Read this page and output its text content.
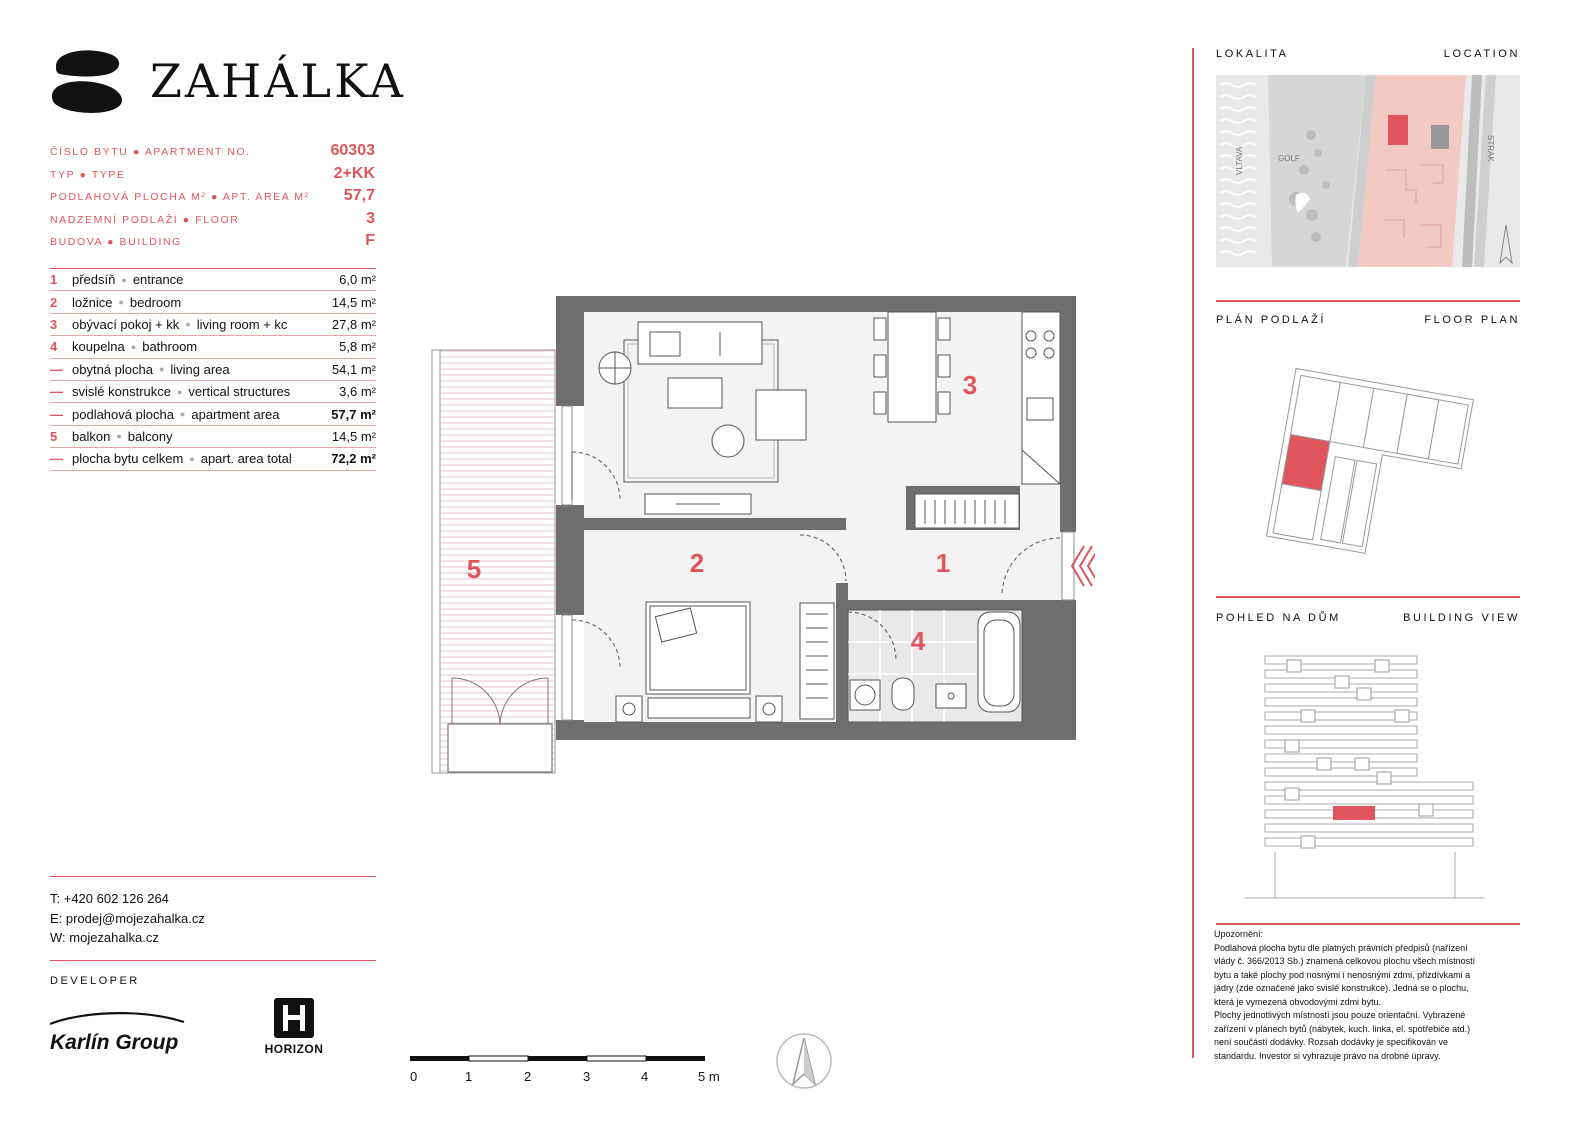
ZAHÁLKA
ČÍSLO BYTU ● APARTMENT NO.	60303
TYP ● TYPE	2+KK
PODLAHOVÁ PLOCHA M² ● APT. AREA M² 57,7
NADZEMNÍ PODLAŽÍ ● FLOOR	3
BUDOVA ● BUILDING	F
1	předsíň ● entrance	6,0 m²
2	ložnice ● bedroom	14,5 m²
3	obývací pokoj + kk ● living room + kc	27,8 m²
4	koupelna ● bathroom	5,8 m²
— obytná plocha ● living area	54,1 m²
— svislé konstrukce ● vertical structures	3,6 m²
— podlahová plocha ● apartment area	57,7 m²
5	balkon ● balcony	14,5 m²
— plocha bytu celkem ● apart. area total	72,2 m²
T: +420 602 126 264
E: prodej@mojezahalka.cz
W: mojezahalka.cz
DEVELOPER
Karlín Group	HORIZON
1
2
3
4
5
0	1	2	3	4	5 m
LOKALITA	LOCATION
VLTAVA	GOLF	STRAK
PLÁN PODLAŽÍ	FLOOR PLAN
POHLED NA DŮM	BUILDING VIEW
Upozornění:
Podlahová plocha bytu dle platných právních předpisů (nařízení
vlády č. 366/2013 Sb.) znamená celkovou plochu všech místností
bytu a také plochy pod nosnými i nenosnými zdmi, přizdívkami a
jádry (zde označené jako svislé konstrukce). Jedná se o plochu,
která je vymezená obvodovými zdmi bytu.
Plochy jednotlivých místností jsou pouze orientační. Vybrazené
zařízení v plánech bytů (nábytek, kuch. linka, el. spotřebiče atd.)
není součástí dodávky. Rozsah dodávky je specifikován ve
standardu. Investor si vyhrazuje právo na drobné úpravy.
